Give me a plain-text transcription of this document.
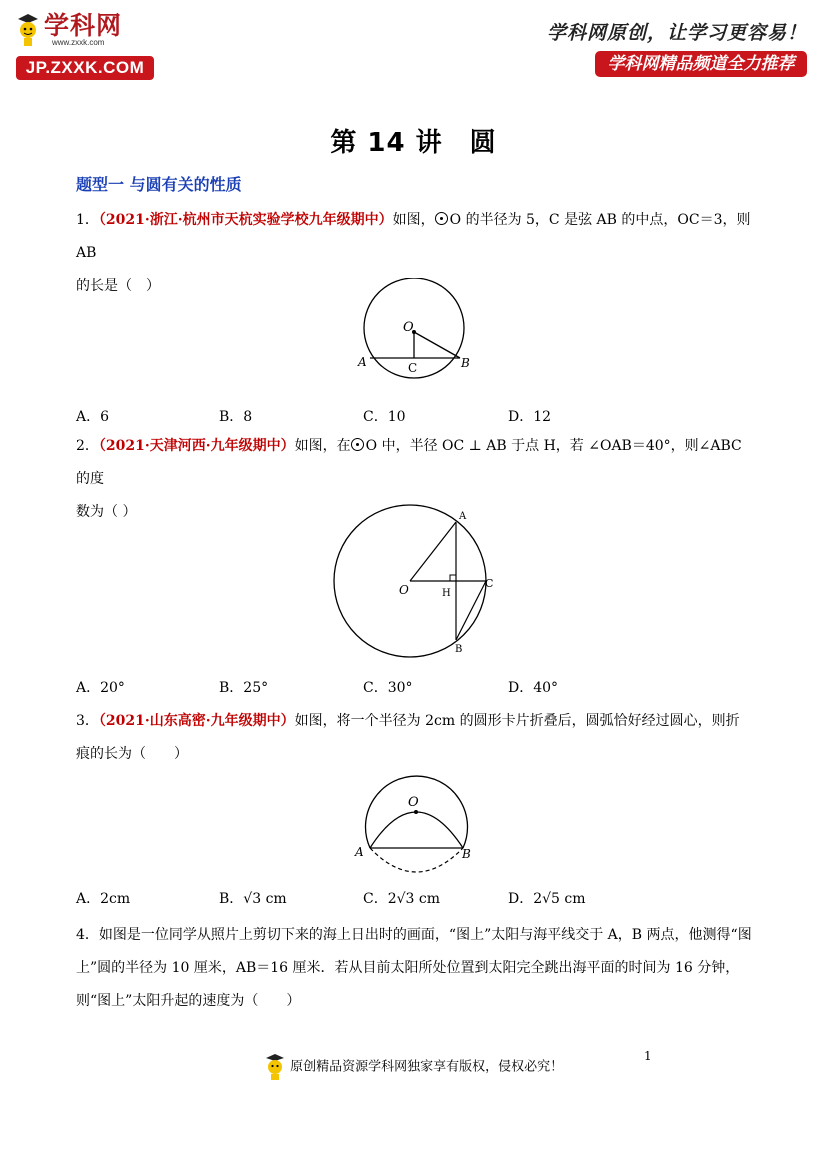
学科网
www.zxxk.com
JP.ZXXK.COM
学科网原创，让学习更容易！
学科网精品频道全力推荐
第 14 讲　圆
题型一 与圆有关的性质
1．（2021·浙江·杭州市天杭实验学校九年级期中）如图， O 的半径为 5，C 是弦 AB 的中点，OC＝3，则 AB
的长是（　）
O
A	C	B
A．6	B．8	C．10	D．12
2．（2021·天津河西·九年级期中）如图，在 O 中，半径 OC ⊥ AB 于点 H，若 ∠OAB＝40°，则∠ABC 的度
数为（ ）	A
O	H
C
B
A．20°	B．25°	C．30°	D．40°
3．（2021·山东高密·九年级期中）如图，将一个半径为 2cm 的圆形卡片折叠后，圆弧恰好经过圆心，则折
痕的长为（　　）
O
A	B
A．2cm	B．√3 cm	C．2√3 cm	D．2√5 cm
4．如图是一位同学从照片上剪切下来的海上日出时的画面，“图上”太阳与海平线交于 A，B 两点，他测得“图
上”圆的半径为 10 厘米，AB＝16 厘米．若从目前太阳所处位置到太阳完全跳出海平面的时间为 16 分钟，
则“图上”太阳升起的速度为（　　）
原创精品资源学科网独家享有版权，侵权必究！
1
